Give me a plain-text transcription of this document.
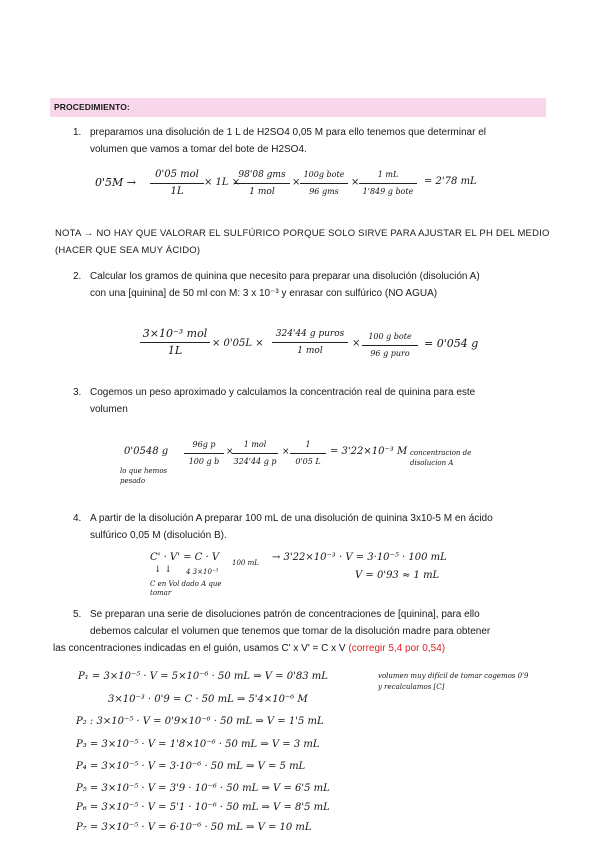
PROCEDIMIENTO:
1. preparamos una disolución de 1 L de H2SO4 0,05 M para ello tenemos que determinar el
volumen que vamos a tomar del bote de H2SO4.
0'5M →
0'05 mol
1L
× 1L ×
98'08 gms
1 mol
×
100g bote
96 gms
×
1 mL
1'849 g bote
= 2'78 mL
NOTA → NO HAY QUE VALORAR EL SULFÚRICO PORQUE SOLO SIRVE PARA AJUSTAR EL PH DEL MEDIO
(HACER QUE SEA MUY ÁCIDO)
2. Calcular los gramos de quinina que necesito para preparar una disolución (disolución A)
con una [quinina] de 50 ml con M: 3 x 10⁻³ y enrasar con sulfúrico (NO AGUA)
3×10⁻³ mol
1L
× 0'05L ×
324'44 g puros
1 mol
×
100 g bote
96 g puro
= 0'054 g
3. Cogemos un peso aproximado y calculamos la concentración real de quinina para este
volumen
0'0548 g
lo que hemos pesado
96g p
100 g b
×
1 mol
324'44 g p
×
1
0'05 L
= 3'22×10⁻³ M concentracion de disolucion A
4. A partir de la disolución A preparar 100 mL de una disolución de quinina 3x10-5 M en ácido
sulfúrico 0,05 M (disolución B).
C' · V' = C · V 100 mL
↓ ↓ 4 3×10⁻³
C en Vol dado A que tomar
→ 3'22×10⁻³ · V = 3·10⁻⁵ · 100 mL
V = 0'93 ≈ 1 mL
5. Se preparan una serie de disoluciones patrón de concentraciones de [quinina], para ello
debemos calcular el volumen que tenemos que tomar de la disolución madre para obtener
las concentraciones indicadas en el guión, usamos C' x V' = C x V (corregir 5,4 por 0,54)
P₁ = 3×10⁻⁵ · V = 5×10⁻⁶ · 50 mL ⇒ V = 0'83 mL	volumen muy difícil de tomar cogemos 0'9
y recalculamos [C]
3×10⁻³ · 0'9 = C · 50 mL ⇒ 5'4×10⁻⁶ M
P₂ : 3×10⁻⁵ · V = 0'9×10⁻⁶ · 50 mL ⇒ V = 1'5 mL
P₃ = 3×10⁻⁵ · V = 1'8×10⁻⁶ · 50 mL ⇒ V = 3 mL
P₄ = 3×10⁻⁵ · V = 3·10⁻⁶ · 50 mL ⇒ V = 5 mL
P₅ = 3×10⁻⁵ · V = 3'9 · 10⁻⁶ · 50 mL ⇒ V = 6'5 mL
P₆ = 3×10⁻⁵ · V = 5'1 · 10⁻⁶ · 50 mL ⇒ V = 8'5 mL
P₇ = 3×10⁻⁵ · V = 6·10⁻⁶ · 50 mL ⇒ V = 10 mL
